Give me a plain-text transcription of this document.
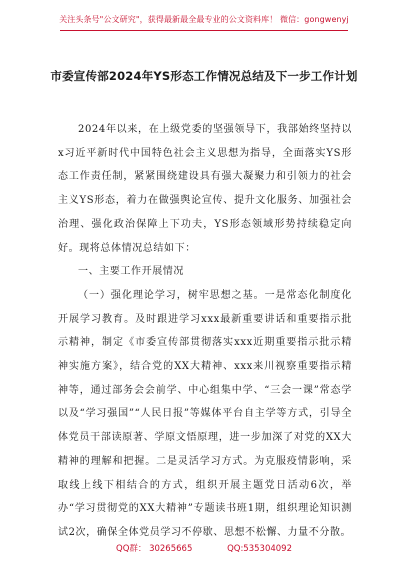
关注头条号"公文研究"，获得最新最全最专业的公文资料库！ 微信：gongwenyj
市委宣传部2024年YS形态工作情况总结及下一步工作计划

2024年以来，在上级党委的坚强领导下，我部始终坚持以x习近平新时代中国特色社会主义思想为指导，全面落实YS形态工作责任制，紧紧围绕建设具有强大凝聚力和引领力的社会主义YS形态，着力在做强舆论宣传、提升文化服务、加强社会治理、强化政治保障上下功夫，YS形态领域形势持续稳定向好。现将总体情况总结如下：

一、主要工作开展情况

（一）强化理论学习，树牢思想之基。一是常态化制度化开展学习教育。及时跟进学习xxx最新重要讲话和重要指示批示精神，制定《市委宣传部贯彻落实xxx近期重要指示批示精神实施方案》，结合党的XX大精神、xxx来川视察重要指示精神等，通过部务会会前学、中心组集中学、“三会一课”常态学以及“学习强国”“人民日报”等媒体平台自主学等方式，引导全体党员干部读原著、学原文悟原理，进一步加深了对党的XX大精神的理解和把握。二是灵活学习方式。为克服疫情影响，采取线上线下相结合的方式，组织开展主题党日活动6次，举办“学习贯彻党的XX大精神”专题读书班1期，组织理论知识测试2次，确保全体党员学习不停歇、思想不松懈、力量不分散。

QQ群： 30265665	QQ:535304092
